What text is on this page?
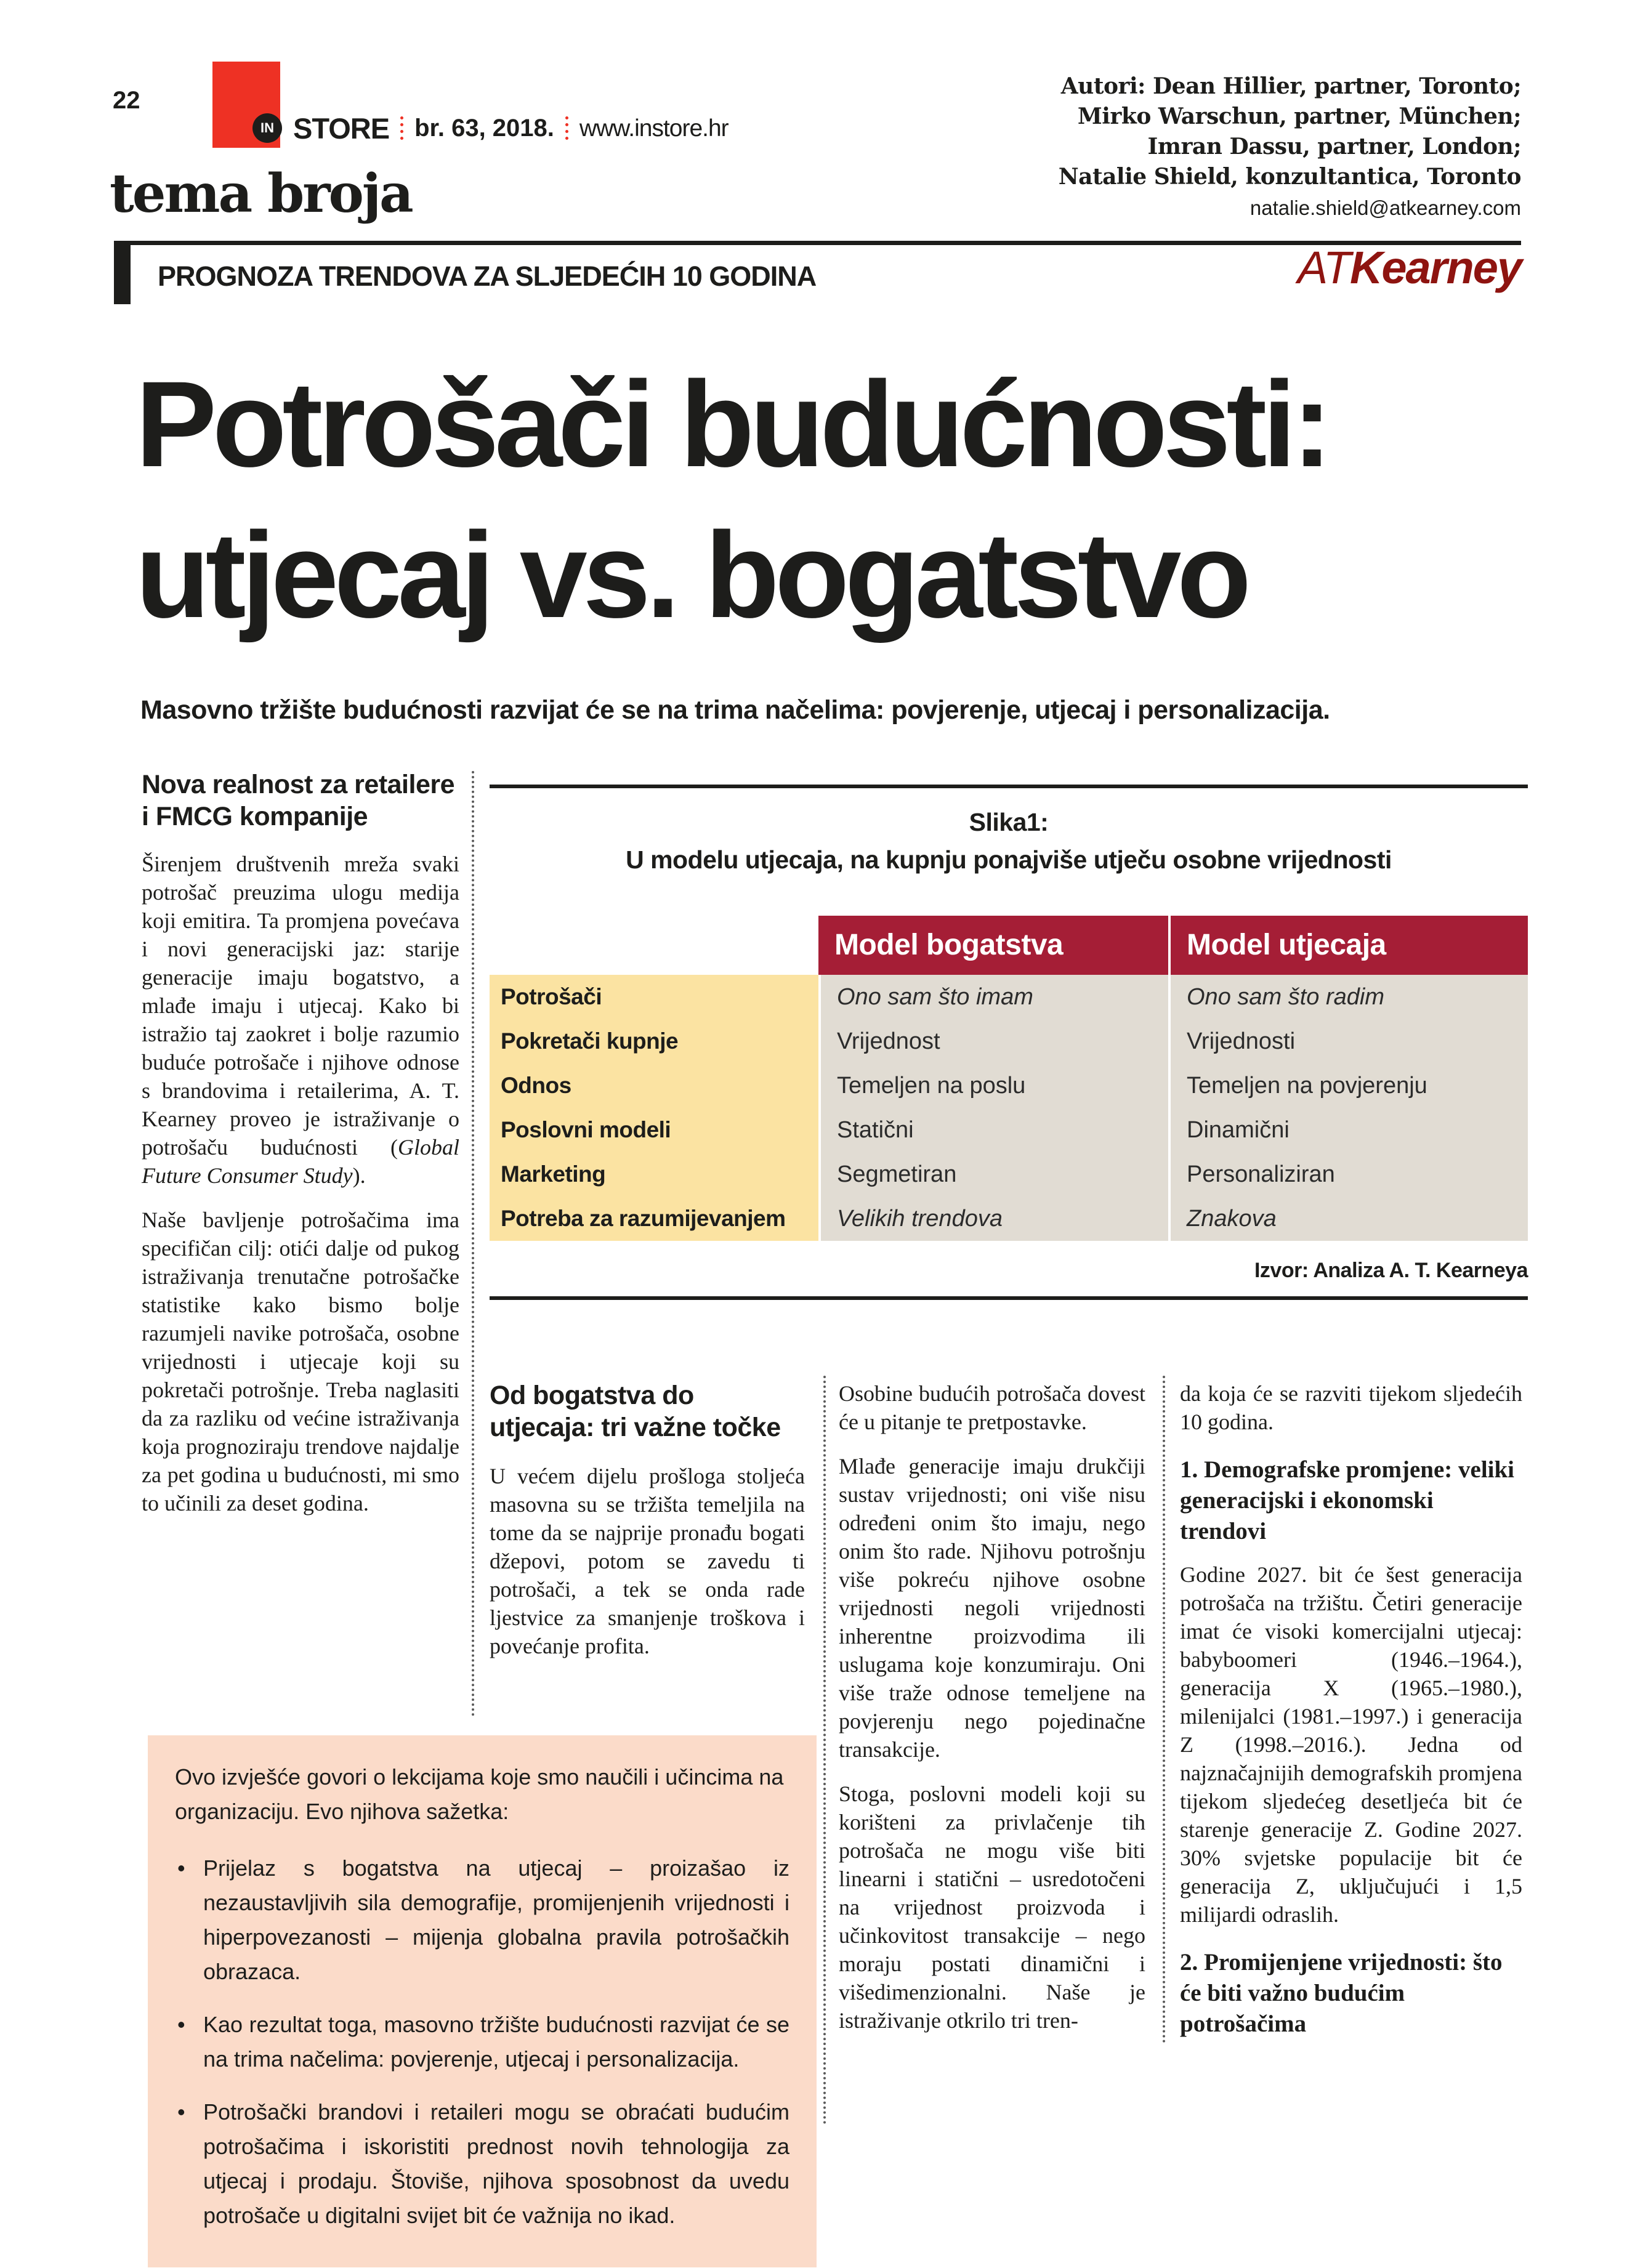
22
IN STORE br. 63, 2018. www.instore.hr
Autori: Dean Hillier, partner, Toronto;
Mirko Warschun, partner, München;
Imran Dassu, partner, London;
Natalie Shield, konzultantica, Toronto
natalie.shield@atkearney.com
tema broja
PROGNOZA TRENDOVA ZA SLJEDEĆIH 10 GODINA	ATKearney
Potrošači budućnosti:
utjecaj vs. bogatstvo
Masovno tržište budućnosti razvijat će se na trima načelima: povjerenje, utjecaj i personalizacija.
Nova realnost za retailere i FMCG kompanije

Širenjem društvenih mreža svaki potrošač preuzima ulogu medija koji emitira. Ta promjena povećava i novi generacijski jaz: starije generacije imaju bogatstvo, a mlađe imaju i utjecaj. Kako bi istražio taj zaokret i bolje razumio buduće potrošače i njihove odnose s brandovima i retailerima, A. T. Kearney proveo je istraživanje o potrošaču budućnosti (Global Future Consumer Study).

Naše bavljenje potrošačima ima specifičan cilj: otići dalje od pukog istraživanja trenutačne potrošačke statistike kako bismo bolje razumjeli navike potrošača, osobne vrijednosti i utjecaje koji su pokretači potrošnje. Treba naglasiti da za razliku od većine istraživanja koja prognoziraju trendove najdalje za pet godina u budućnosti, mi smo to učinili za deset godina.

Slika1:
U modelu utjecaja, na kupnju ponajviše utječu osobne vrijednosti
Model bogatstva	Model utjecaja
Potrošači	Ono sam što imam	Ono sam što radim
Pokretači kupnje	Vrijednost	Vrijednosti
Odnos	Temeljen na poslu	Temeljen na povjerenju
Poslovni modeli	Statični	Dinamični
Marketing	Segmetiran	Personaliziran
Potreba za razumijevanjem	Velikih trendova	Znakova
Izvor: Analiza A. T. Kearneya
Od bogatstva do utjecaja: tri važne točke

U većem dijelu prošloga stoljeća masovna su se tržišta temeljila na tome da se najprije pronađu bogati džepovi, potom se zavedu ti potrošači, a tek se onda rade ljestvice za smanjenje troškova i povećanje profita.

Osobine budućih potrošača dovest će u pitanje te pretpostavke.

Mlađe generacije imaju drukčiji sustav vrijednosti; oni više nisu određeni onim što imaju, nego onim što rade. Njihovu potrošnju više pokreću njihove osobne vrijednosti negoli vrijednosti inherentne proizvodima ili uslugama koje konzumiraju. Oni više traže odnose temeljene na povjerenju nego pojedinačne transakcije.

Stoga, poslovni modeli koji su korišteni za privlačenje tih potrošača ne mogu više biti linearni i statični – usredotočeni na vrijednost proizvoda i učinkovitost transakcije – nego moraju postati dinamični i višedimenzionalni. Naše je istraživanje otkrilo tri tren-

da koja će se razviti tijekom sljedećih 10 godina.

1. Demografske promjene: veliki generacijski i ekonomski trendovi

Godine 2027. bit će šest generacija potrošača na tržištu. Četiri generacije imat će visoki komercijalni utjecaj: babyboomeri (1946.–1964.), generacija X (1965.–1980.), milenijalci (1981.–1997.) i generacija Z (1998.–2016.). Jedna od najznačajnijih demografskih promjena tijekom sljedećeg desetljeća bit će starenje generacije Z. Godine 2027. 30% svjetske populacije bit će generacija Z, uključujući i 1,5 milijardi odraslih.

2. Promijenjene vrijednosti: što će biti važno budućim potrošačima

Ovo izvješće govori o lekcijama koje smo naučili i učincima na organizaciju. Evo njihova sažetka:

• Prijelaz s bogatstva na utjecaj – proizašao iz nezaustavljivih sila demografije, promijenjenih vrijednosti i hiperpovezanosti – mijenja globalna pravila potrošačkih obrazaca.
• Kao rezultat toga, masovno tržište budućnosti razvijat će se na trima načelima: povjerenje, utjecaj i personalizacija.
• Potrošački brandovi i retaileri mogu se obraćati budućim potrošačima i iskoristiti prednost novih tehnologija za utjecaj i prodaju. Štoviše, njihova sposobnost da uvedu potrošače u digitalni svijet bit će važnija no ikad.
